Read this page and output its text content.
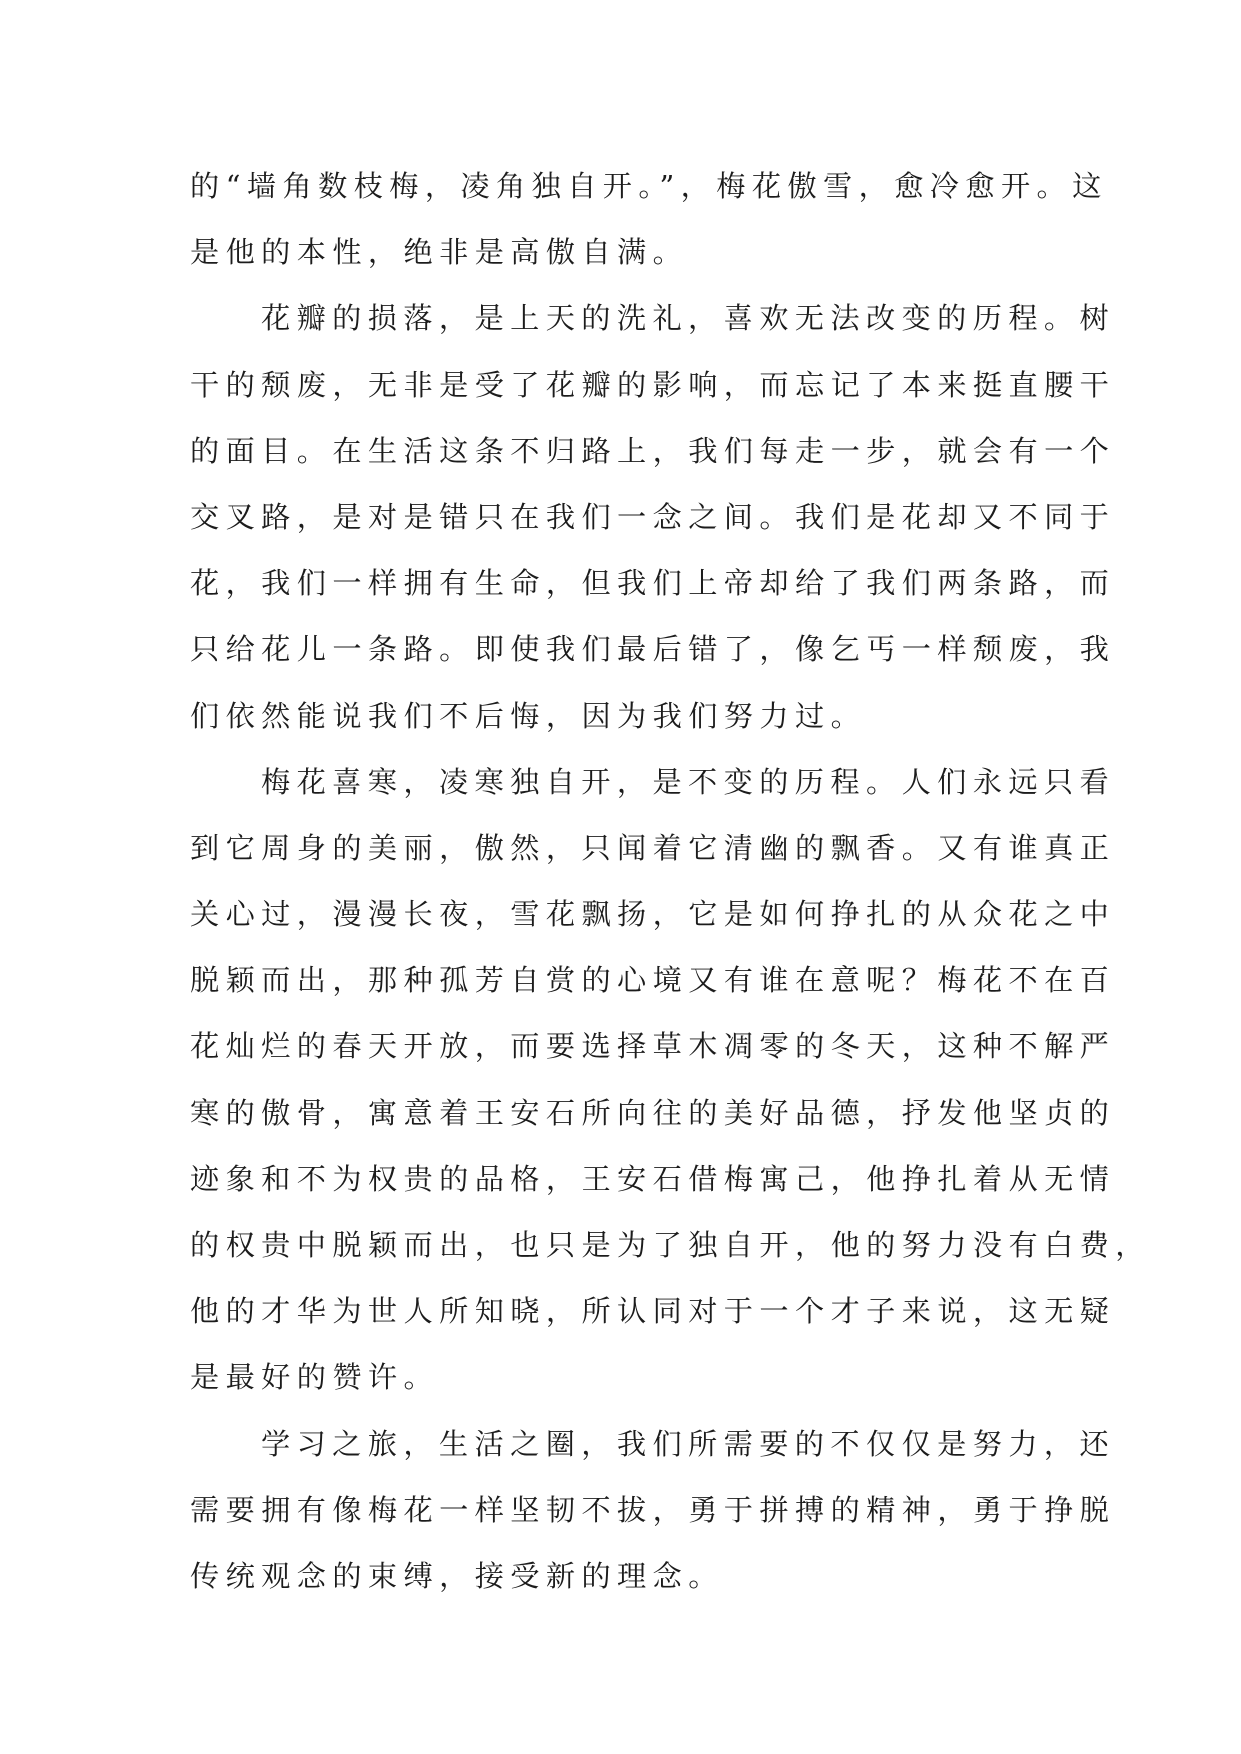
的“墙角数枝梅，凌角独自开。”，梅花傲雪，愈冷愈开。这
是他的本性，绝非是高傲自满。
花瓣的损落，是上天的洗礼，喜欢无法改变的历程。树
干的颓废，无非是受了花瓣的影响，而忘记了本来挺直腰干
的面目。在生活这条不归路上，我们每走一步，就会有一个
交叉路，是对是错只在我们一念之间。我们是花却又不同于
花，我们一样拥有生命，但我们上帝却给了我们两条路，而
只给花儿一条路。即使我们最后错了，像乞丐一样颓废，我
们依然能说我们不后悔，因为我们努力过。
梅花喜寒，凌寒独自开，是不变的历程。人们永远只看
到它周身的美丽，傲然，只闻着它清幽的飘香。又有谁真正
关心过，漫漫长夜，雪花飘扬，它是如何挣扎的从众花之中
脱颖而出，那种孤芳自赏的心境又有谁在意呢？梅花不在百
花灿烂的春天开放，而要选择草木凋零的冬天，这种不解严
寒的傲骨，寓意着王安石所向往的美好品德，抒发他坚贞的
迹象和不为权贵的品格，王安石借梅寓己，他挣扎着从无情
的权贵中脱颖而出，也只是为了独自开，他的努力没有白费，
他的才华为世人所知晓，所认同对于一个才子来说，这无疑
是最好的赞许。
学习之旅，生活之圈，我们所需要的不仅仅是努力，还
需要拥有像梅花一样坚韧不拔，勇于拼搏的精神，勇于挣脱
传统观念的束缚，接受新的理念。
